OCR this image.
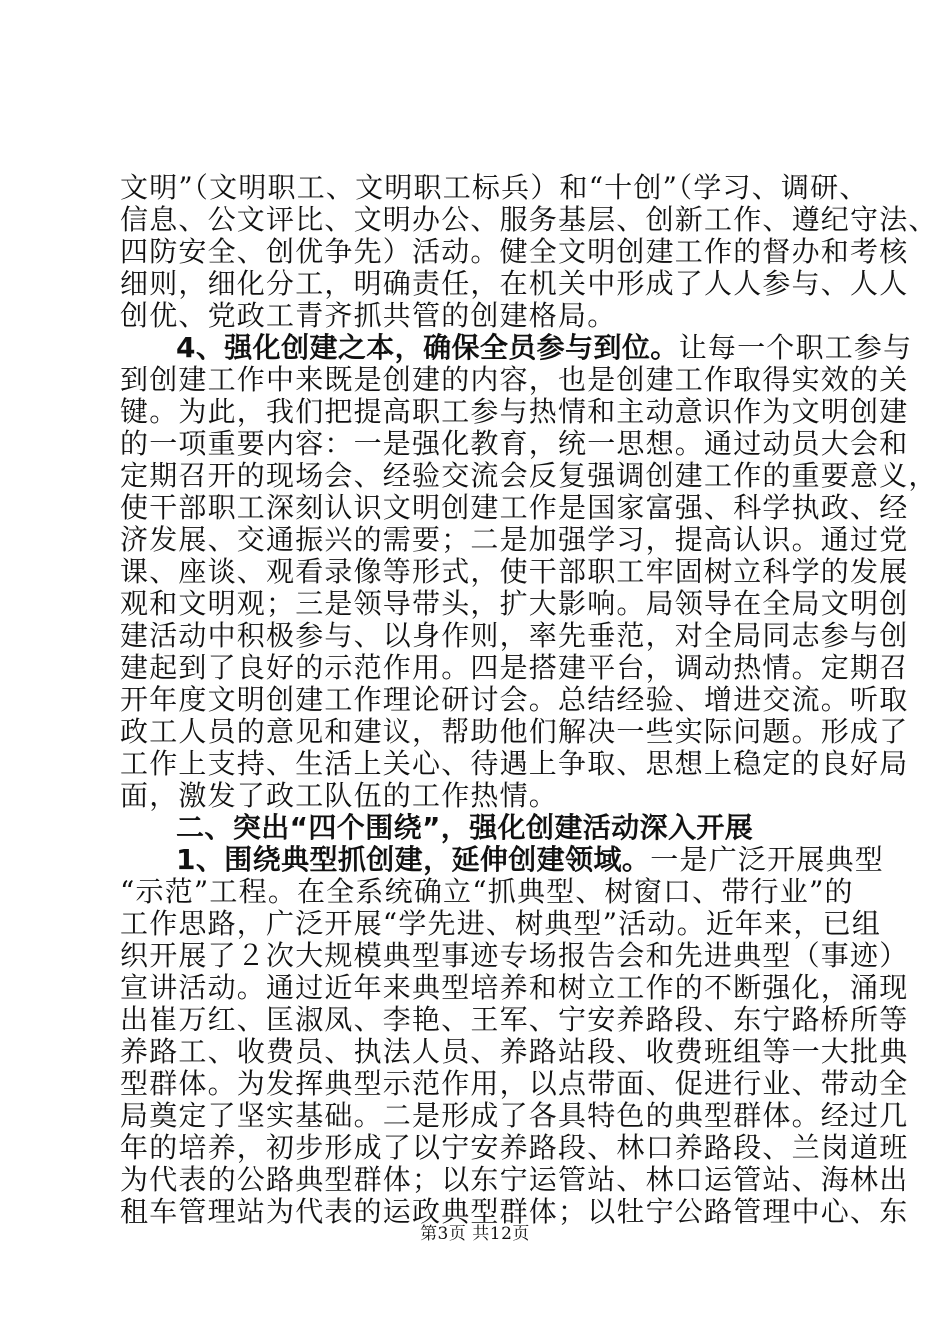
文明”（文明职工、文明职工标兵）和“十创”（学习、调研、
信息、公文评比、文明办公、服务基层、创新工作、遵纪守法、
四防安全、创优争先）活动。健全文明创建工作的督办和考核
细则，细化分工，明确责任，在机关中形成了人人参与、人人
创优、党政工青齐抓共管的创建格局。
4、强化创建之本，确保全员参与到位。让每一个职工参与
到创建工作中来既是创建的内容，也是创建工作取得实效的关
键。为此，我们把提高职工参与热情和主动意识作为文明创建
的一项重要内容：一是强化教育，统一思想。通过动员大会和
定期召开的现场会、经验交流会反复强调创建工作的重要意义，
使干部职工深刻认识文明创建工作是国家富强、科学执政、经
济发展、交通振兴的需要；二是加强学习，提高认识。通过党
课、座谈、观看录像等形式，使干部职工牢固树立科学的发展
观和文明观；三是领导带头，扩大影响。局领导在全局文明创
建活动中积极参与、以身作则，率先垂范，对全局同志参与创
建起到了良好的示范作用。四是搭建平台，调动热情。定期召
开年度文明创建工作理论研讨会。总结经验、增进交流。听取
政工人员的意见和建议，帮助他们解决一些实际问题。形成了
工作上支持、生活上关心、待遇上争取、思想上稳定的良好局
面，激发了政工队伍的工作热情。
二、突出“四个围绕”，强化创建活动深入开展
1、围绕典型抓创建，延伸创建领域。一是广泛开展典型
“示范”工程。在全系统确立“抓典型、树窗口、带行业”的
工作思路，广泛开展“学先进、树典型”活动。近年来，已组
织开展了２次大规模典型事迹专场报告会和先进典型（事迹）
宣讲活动。通过近年来典型培养和树立工作的不断强化，涌现
出崔万红、匡淑凤、李艳、王军、宁安养路段、东宁路桥所等
养路工、收费员、执法人员、养路站段、收费班组等一大批典
型群体。为发挥典型示范作用，以点带面、促进行业、带动全
局奠定了坚实基础。二是形成了各具特色的典型群体。经过几
年的培养，初步形成了以宁安养路段、林口养路段、兰岗道班
为代表的公路典型群体；以东宁运管站、林口运管站、海林出
租车管理站为代表的运政典型群体；以牡宁公路管理中心、东
第3页 共12页
